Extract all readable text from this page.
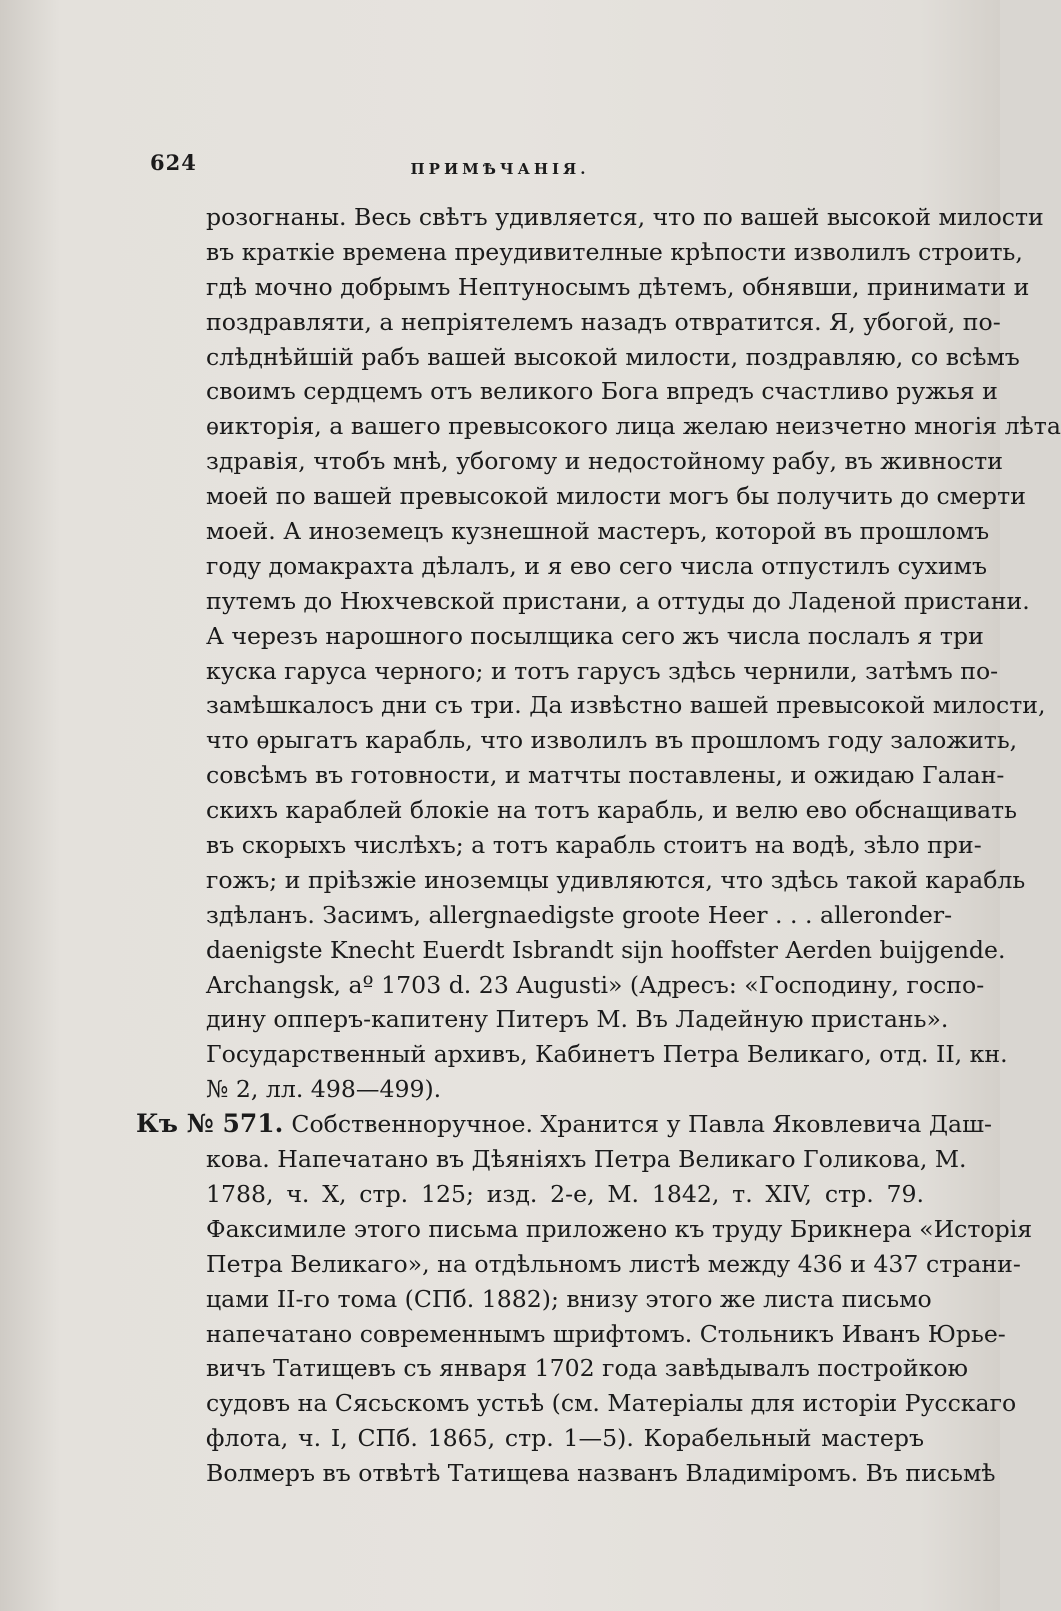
624	ПРИМѢЧАНІЯ.
розогнаны. Весь свѣтъ удивляется, что по вашей высокой милости
въ краткіе времена преудивителные крѣпости изволилъ строить,
гдѣ мочно добрымъ Нептуносымъ дѣтемъ, обнявши, принимати и
поздравляти, а непріятелемъ назадъ отвратится. Я, убогой, по-
слѣднѣйшій рабъ вашей высокой милости, поздравляю, со всѣмъ
своимъ сердцемъ отъ великого Бога впредъ счастливо ружья и
ѳикторія, а вашего превысокого лица желаю неизчетно многія лѣта
здравія, чтобъ мнѣ, убогому и недостойному рабу, въ живности
моей по вашей превысокой милости могъ бы получить до смерти
моей. А иноземецъ кузнешной мастеръ, которой въ прошломъ
году домакрахта дѣлалъ, и я ево сего числа отпустилъ сухимъ
путемъ до Нюхчевской пристани, а оттуды до Ладеной пристани.
А черезъ нарошного посылщика сего жъ числа послалъ я три
куска гаруса черного; и тотъ гарусъ здѣсь чернили, затѣмъ по-
замѣшкалосъ дни съ три. Да извѣстно вашей превысокой милости,
что ѳрыгатъ карабль, что изволилъ въ прошломъ году заложить,
совсѣмъ въ готовности, и матчты поставлены, и ожидаю Галан-
скихъ караблей блокіе на тотъ карабль, и велю ево обснащивать
въ скорыхъ числѣхъ; а тотъ карабль стоитъ на водѣ, зѣло при-
гожъ; и пріѣзжіе иноземцы удивляются, что здѣсь такой карабль
здѣланъ. Засимъ, allergnaedigste groote Heer . . . alleronder-
daenigste Knecht Euerdt Isbrandt sijn hooffster Aerden buijgende.
Archangsk, aº 1703 d. 23 Augusti» (Адресъ: «Господину, госпо-
дину опперъ-капитену Питеръ М. Въ Ладейную пристань».
Государственный архивъ, Кабинетъ Петра Великаго, отд. II, кн.
№ 2, лл. 498—499).
Къ № 571. Собственноручное. Хранится у Павла Яковлевича Даш-
кова. Напечатано въ Дѣяніяхъ Петра Великаго Голикова, М.
1788, ч. X, стр. 125; изд. 2-е, М. 1842, т. XIV, стр. 79.
Факсимиле этого письма приложено къ труду Брикнера «Исторія
Петра Великаго», на отдѣльномъ листѣ между 436 и 437 страни-
цами II-го тома (СПб. 1882); внизу этого же листа письмо
напечатано современнымъ шрифтомъ. Стольникъ Иванъ Юрье-
вичъ Татищевъ съ января 1702 года завѣдывалъ постройкою
судовъ на Сясьскомъ устьѣ (см. Матеріалы для исторіи Русскаго
флота, ч. I, СПб. 1865, стр. 1—5). Корабельный мастеръ
Волмеръ въ отвѣтѣ Татищева названъ Владиміромъ. Въ письмѣ
